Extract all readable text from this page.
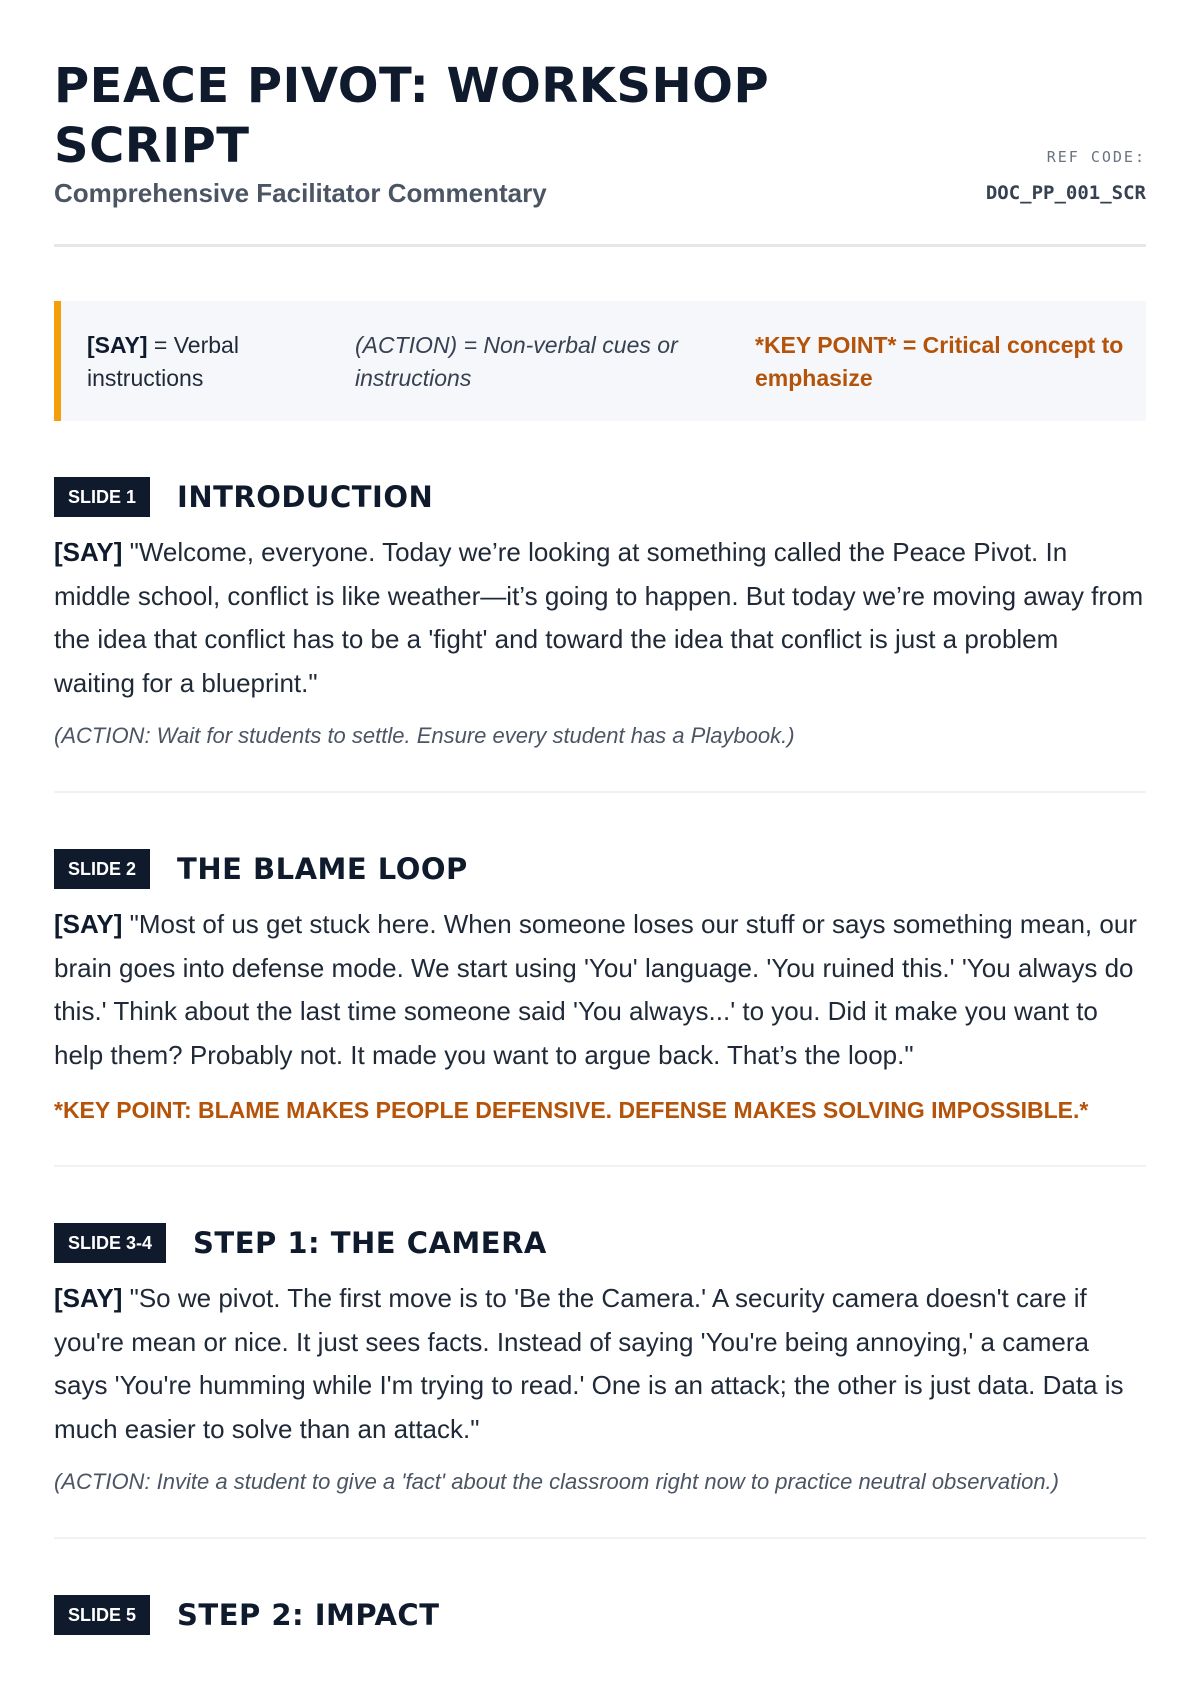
PEACE PIVOT: WORKSHOP SCRIPT
Comprehensive Facilitator Commentary
REF CODE:
DOC_PP_001_SCR
[SAY] = Verbal instructions
(ACTION) = Non-verbal cues or instructions
*KEY POINT* = Critical concept to emphasize
SLIDE 1	INTRODUCTION

[SAY] "Welcome, everyone. Today we’re looking at something called the Peace Pivot. In middle school, conflict is like weather—it’s going to happen. But today we’re moving away from the idea that conflict has to be a 'fight' and toward the idea that conflict is just a problem waiting for a blueprint."

(ACTION: Wait for students to settle. Ensure every student has a Playbook.)

SLIDE 2	THE BLAME LOOP

[SAY] "Most of us get stuck here. When someone loses our stuff or says something mean, our brain goes into defense mode. We start using 'You' language. 'You ruined this.' 'You always do this.' Think about the last time someone said 'You always...' to you. Did it make you want to help them? Probably not. It made you want to argue back. That’s the loop."

*KEY POINT: BLAME MAKES PEOPLE DEFENSIVE. DEFENSE MAKES SOLVING IMPOSSIBLE.*

SLIDE 3-4	STEP 1: THE CAMERA

[SAY] "So we pivot. The first move is to 'Be the Camera.' A security camera doesn't care if you're mean or nice. It just sees facts. Instead of saying 'You're being annoying,' a camera says 'You're humming while I'm trying to read.' One is an attack; the other is just data. Data is much easier to solve than an attack."

(ACTION: Invite a student to give a 'fact' about the classroom right now to practice neutral observation.)

SLIDE 5	STEP 2: IMPACT
